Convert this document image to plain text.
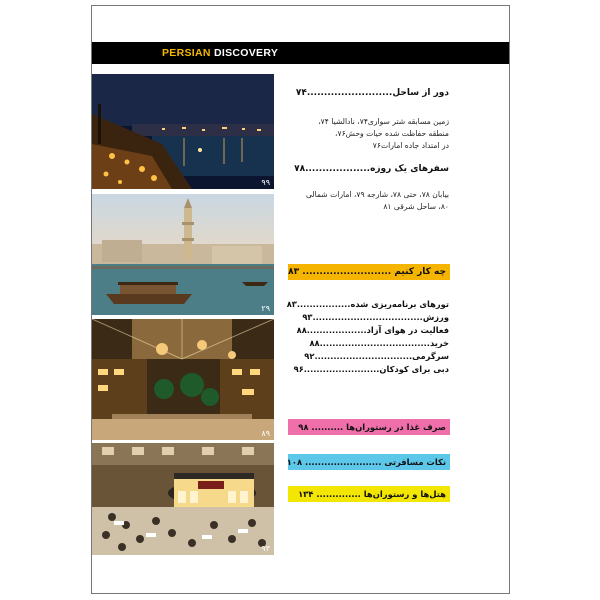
PERSIAN DISCOVERY
۹۹
۲۹
۸۹
۹۳
دور از ساحل.........................۷۴
زمین مسابقه شتر سواری۷۴، نادالشیا ۷۴،
منطقه حفاظت شده حیات وحش۷۶،
در امتداد جاده امارات۷۶
سفرهای یک روزه...................۷۸
بیابان ۷۸، حتی ۷۸، شارجه ۷۹، امارات شمالی
۸۰، ساحل شرقی ۸۱
چه کار کنیم .......................... ۸۳
تورهای برنامه‌ریزی شده.................۸۳
ورزش...................................۹۳
فعالیت در هوای آزاد...................۸۸
خرید...................................۸۸
سرگرمی...............................۹۲
دبی برای کودکان........................۹۶
صرف غذا در رستوران‌ها .......... ۹۸
نکات مسافرتی ........................ ۱۰۸
هتل‌ها و رستوران‌ها .............. ۱۳۴
